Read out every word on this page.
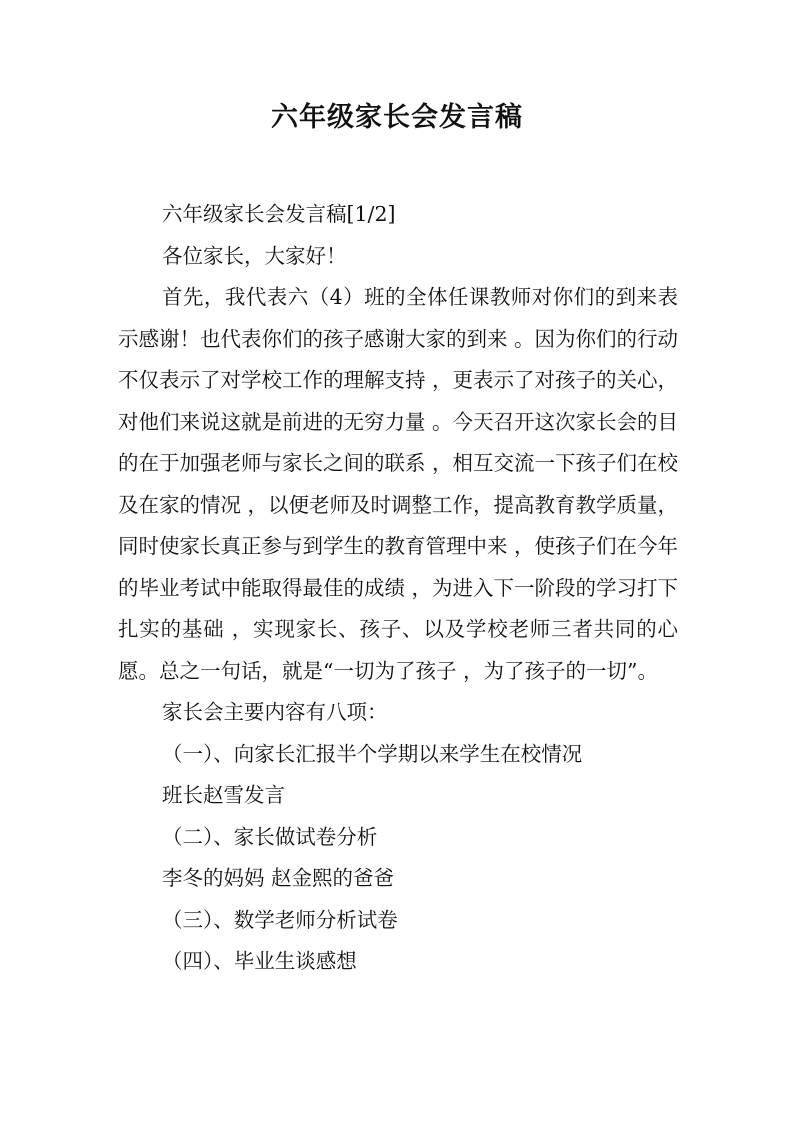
六年级家长会发言稿

六年级家长会发言稿[1/2]

各位家长，大家好！

首先，我代表六（4）班的全体任课教师对你们的到来表示感谢！也代表你们的孩子感谢大家的到来 。因为你们的行动不仅表示了对学校工作的理解支持 ，更表示了对孩子的关心，对他们来说这就是前进的无穷力量 。今天召开这次家长会的目的在于加强老师与家长之间的联系 ，相互交流一下孩子们在校及在家的情况 ，以便老师及时调整工作，提高教育教学质量，同时使家长真正参与到学生的教育管理中来 ，使孩子们在今年的毕业考试中能取得最佳的成绩 ，为进入下一阶段的学习打下扎实的基础 ，实现家长、孩子、以及学校老师三者共同的心愿。总之一句话，就是“一切为了孩子 ，为了孩子的一切”。

家长会主要内容有八项：

（一）、向家长汇报半个学期以来学生在校情况

班长赵雪发言

（二）、家长做试卷分析

李冬的妈妈 赵金熙的爸爸

（三）、数学老师分析试卷

（四）、毕业生谈感想
